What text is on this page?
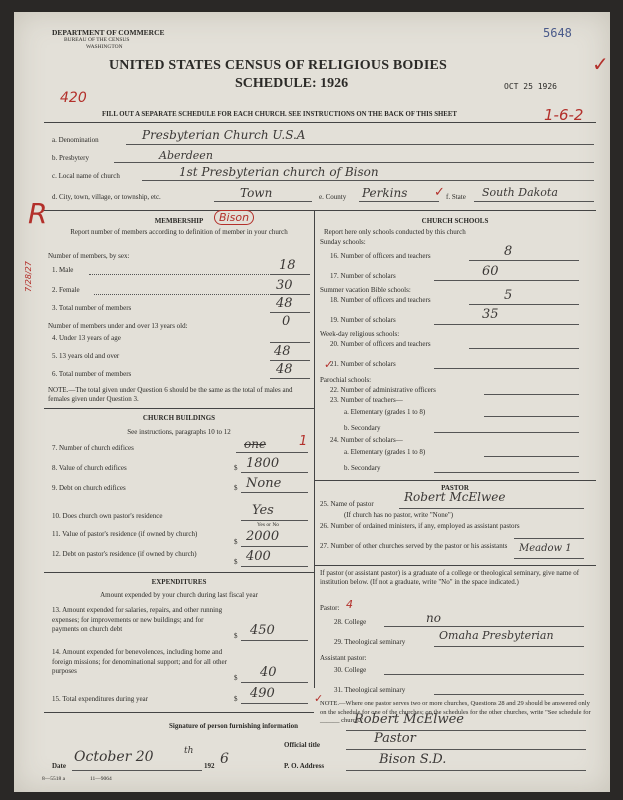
DEPARTMENT OF COMMERCE
BUREAU OF THE CENSUS
WASHINGTON
5648
✓
UNITED STATES CENSUS OF RELIGIOUS BODIES
SCHEDULE: 1926	OCT 25 1926
420
1-6-2
FILL OUT A SEPARATE SCHEDULE FOR EACH CHURCH. SEE INSTRUCTIONS ON THE BACK OF THIS SHEET
a. Denomination	Presbyterian Church U.S.A
b. Presbytery	Aberdeen
c. Local name of church	1st Presbyterian church of Bison
d. City, town, village, or township, etc.	Town	e. County Perkins	f. State South Dakota
R
7/28/27
MEMBERSHIP	Bison
Report number of members according to definition of member in your church
Number of members, by sex:
1. Male	18
2. Female	30
3. Total number of members	48
Number of members under and over 13 years old:	0
4. Under 13 years of age
5. 13 years old and over	48
6. Total number of members	48
NOTE.—The total given under Question 6 should be the same as the total of males and females given under Question 3.
CHURCH BUILDINGS
See instructions, paragraphs 10 to 12
7. Number of church edifices	one	1
8. Value of church edifices	$ 1800
9. Debt on church edifices	$ None
10. Does church own pastor's residence	Yes
Yes or No
11. Value of pastor's residence (if owned by church)
$ 2000
12. Debt on pastor's residence (if owned by church)
$ 400
EXPENDITURES
Amount expended by your church during last fiscal year
13. Amount expended for salaries, repairs, and other running expenses; for improvements or new buildings; and for payments on church debt
$ 450
14. Amount expended for benevolences, including home and foreign missions; for denominational support; and for all other purposes
$ 40
15. Total expenditures during year	$ 490
CHURCH SCHOOLS
Report here only schools conducted by this church
Sunday schools:
16. Number of officers and teachers	8
17. Number of scholars	60
Summer vacation Bible schools:
18. Number of officers and teachers	5
19. Number of scholars	35
Week-day religious schools:
20. Number of officers and teachers
21. Number of scholars
Parochial schools:
22. Number of administrative officers
23. Number of teachers—
a. Elementary (grades 1 to 8)
b. Secondary
24. Number of scholars—
a. Elementary (grades 1 to 8)
b. Secondary
PASTOR
25. Name of pastor	Robert McElwee
(If church has no pastor, write "None")
26. Number of ordained ministers, if any, employed as assistant pastors
27. Number of other churches served by the pastor or his assistants	Meadow 1
If pastor (or assistant pastor) is a graduate of a college or theological seminary, give name of institution below. (If not a graduate, write "No" in the space indicated.)
Pastor: 4
28. College	no
29. Theological seminary	Omaha Presbyterian
Assistant pastor:
30. College
31. Theological seminary
NOTE.—Where one pastor serves two or more churches, Questions 28 and 29 should be answered only on the schedule for one of the churches; on the schedules for the other churches, write "See schedule for ______ church."
Signature of person furnishing information	Robert McElwee
Official title	Pastor
Date
October 20	th
192 6	P. O. Address	Bison S.D.
8—5518 a	11—9064
✓
✓
✓
